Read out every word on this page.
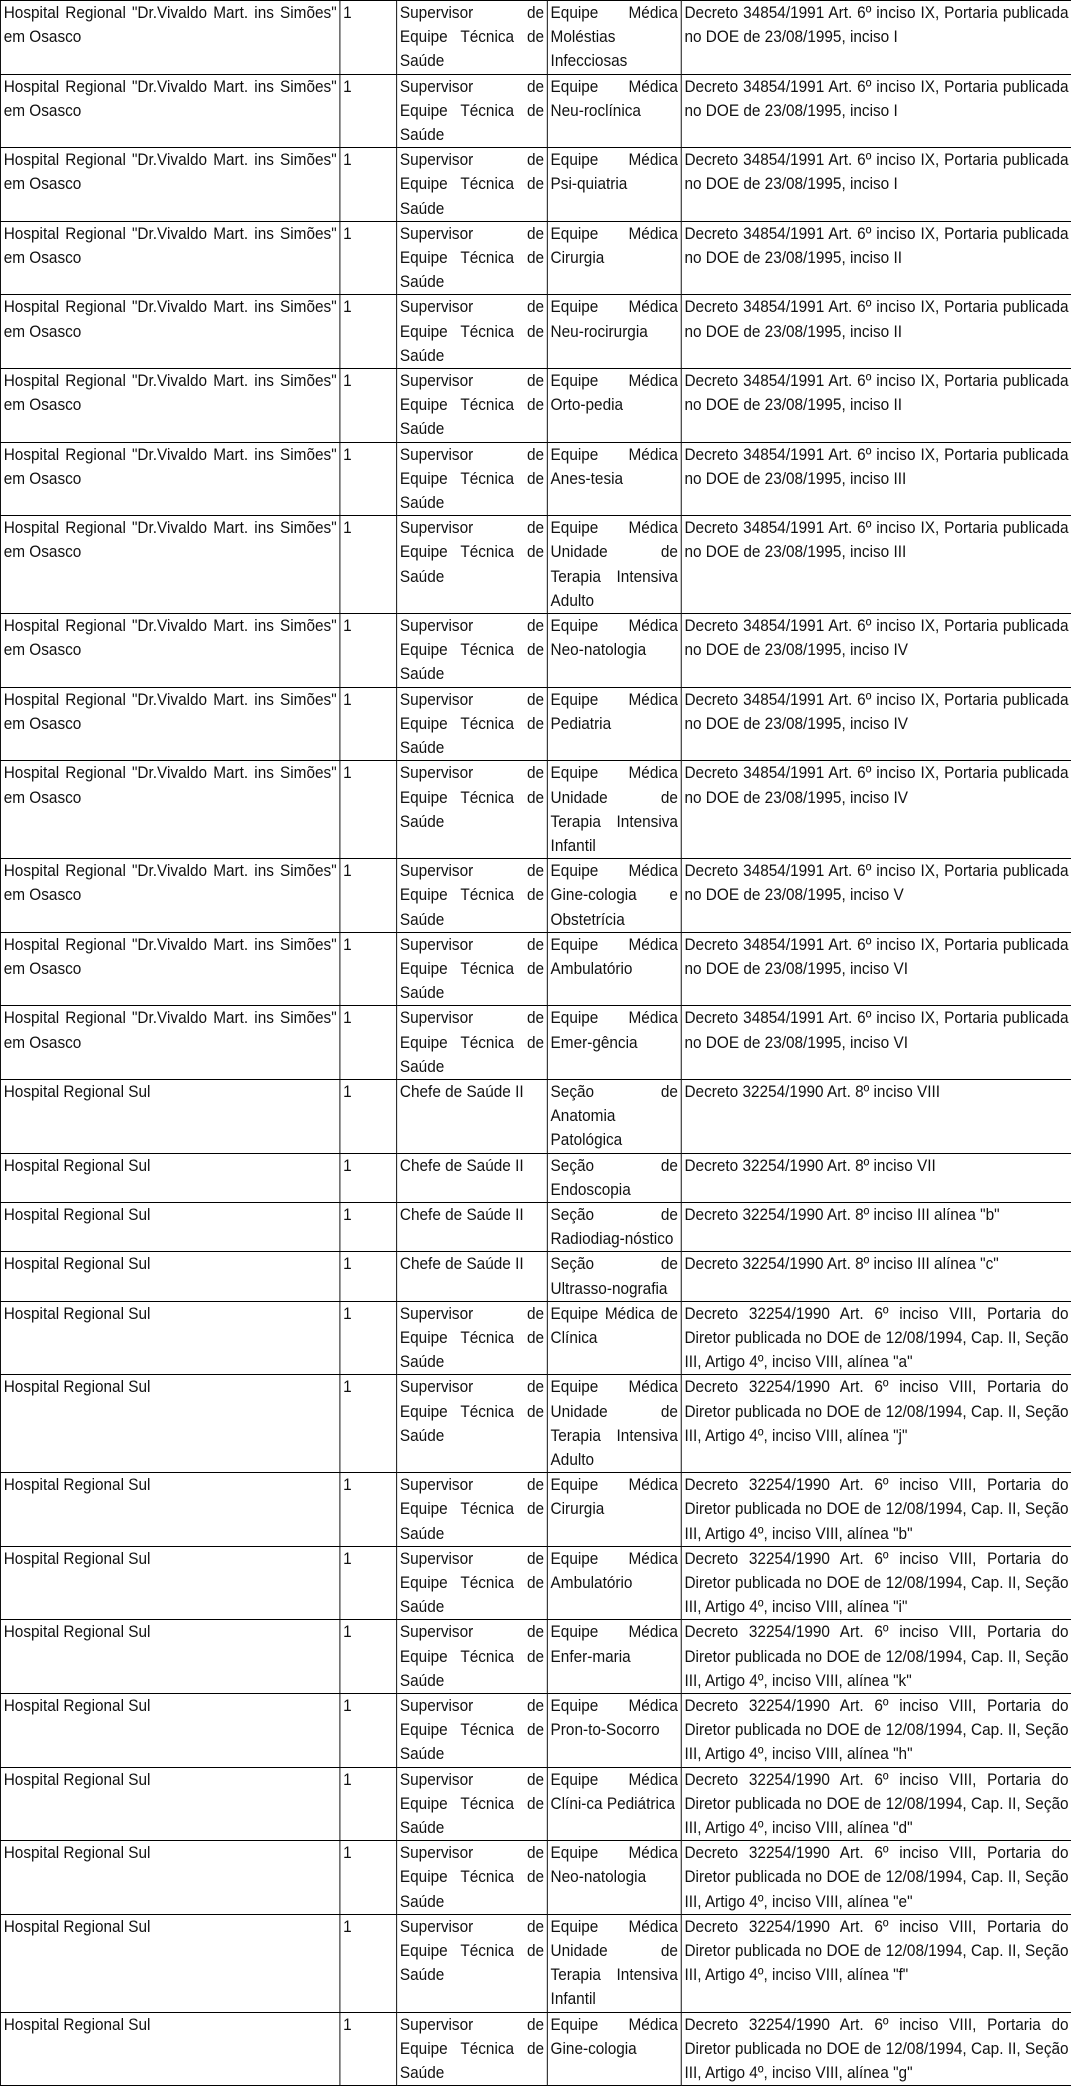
Hospital Regional "Dr.Vivaldo Mart. ins Simões" em Osasco	1	Supervisor de Equipe Técnica de Saúde	Equipe Médica Moléstias Infecciosas	Decreto 34854/1991 Art. 6º inciso IX, Portaria publicada no DOE de 23/08/1995, inciso I
Hospital Regional "Dr.Vivaldo Mart. ins Simões" em Osasco	1	Supervisor de Equipe Técnica de Saúde	Equipe Médica Neu-roclínica	Decreto 34854/1991 Art. 6º inciso IX, Portaria publicada no DOE de 23/08/1995, inciso I
Hospital Regional "Dr.Vivaldo Mart. ins Simões" em Osasco	1	Supervisor de Equipe Técnica de Saúde	Equipe Médica Psi-quiatria	Decreto 34854/1991 Art. 6º inciso IX, Portaria publicada no DOE de 23/08/1995, inciso I
Hospital Regional "Dr.Vivaldo Mart. ins Simões" em Osasco	1	Supervisor de Equipe Técnica de Saúde	Equipe Médica Cirurgia	Decreto 34854/1991 Art. 6º inciso IX, Portaria publicada no DOE de 23/08/1995, inciso II
Hospital Regional "Dr.Vivaldo Mart. ins Simões" em Osasco	1	Supervisor de Equipe Técnica de Saúde	Equipe Médica Neu-rocirurgia	Decreto 34854/1991 Art. 6º inciso IX, Portaria publicada no DOE de 23/08/1995, inciso II
Hospital Regional "Dr.Vivaldo Mart. ins Simões" em Osasco	1	Supervisor de Equipe Técnica de Saúde	Equipe Médica Orto-pedia	Decreto 34854/1991 Art. 6º inciso IX, Portaria publicada no DOE de 23/08/1995, inciso II
Hospital Regional "Dr.Vivaldo Mart. ins Simões" em Osasco	1	Supervisor de Equipe Técnica de Saúde	Equipe Médica Anes-tesia	Decreto 34854/1991 Art. 6º inciso IX, Portaria publicada no DOE de 23/08/1995, inciso III
Hospital Regional "Dr.Vivaldo Mart. ins Simões" em Osasco	1	Supervisor de Equipe Técnica de Saúde	Equipe Médica Unidade de Terapia Intensiva Adulto	Decreto 34854/1991 Art. 6º inciso IX, Portaria publicada no DOE de 23/08/1995, inciso III
Hospital Regional "Dr.Vivaldo Mart. ins Simões" em Osasco	1	Supervisor de Equipe Técnica de Saúde	Equipe Médica Neo-natologia	Decreto 34854/1991 Art. 6º inciso IX, Portaria publicada no DOE de 23/08/1995, inciso IV
Hospital Regional "Dr.Vivaldo Mart. ins Simões" em Osasco	1	Supervisor de Equipe Técnica de Saúde	Equipe Médica Pediatria	Decreto 34854/1991 Art. 6º inciso IX, Portaria publicada no DOE de 23/08/1995, inciso IV
Hospital Regional "Dr.Vivaldo Mart. ins Simões" em Osasco	1	Supervisor de Equipe Técnica de Saúde	Equipe Médica Unidade de Terapia Intensiva Infantil	Decreto 34854/1991 Art. 6º inciso IX, Portaria publicada no DOE de 23/08/1995, inciso IV
Hospital Regional "Dr.Vivaldo Mart. ins Simões" em Osasco	1	Supervisor de Equipe Técnica de Saúde	Equipe Médica Gine-cologia e Obstetrícia	Decreto 34854/1991 Art. 6º inciso IX, Portaria publicada no DOE de 23/08/1995, inciso V
Hospital Regional "Dr.Vivaldo Mart. ins Simões" em Osasco	1	Supervisor de Equipe Técnica de Saúde	Equipe Médica Ambulatório	Decreto 34854/1991 Art. 6º inciso IX, Portaria publicada no DOE de 23/08/1995, inciso VI
Hospital Regional "Dr.Vivaldo Mart. ins Simões" em Osasco	1	Supervisor de Equipe Técnica de Saúde	Equipe Médica Emer-gência	Decreto 34854/1991 Art. 6º inciso IX, Portaria publicada no DOE de 23/08/1995, inciso VI
Hospital Regional Sul	1	Chefe de Saúde II	Seção de Anatomia Patológica	Decreto 32254/1990 Art. 8º inciso VIII
Hospital Regional Sul	1	Chefe de Saúde II	Seção de Endoscopia	Decreto 32254/1990 Art. 8º inciso VII
Hospital Regional Sul	1	Chefe de Saúde II	Seção de Radiodiag-nóstico	Decreto 32254/1990 Art. 8º inciso III alínea "b"
Hospital Regional Sul	1	Chefe de Saúde II	Seção de Ultrasso-nografia	Decreto 32254/1990 Art. 8º inciso III alínea "c"
Hospital Regional Sul	1	Supervisor de Equipe Técnica de Saúde	Equipe Médica de Clínica	Decreto 32254/1990 Art. 6º inciso VIII, Portaria do Diretor publicada no DOE de 12/08/1994, Cap. II, Seção III, Artigo 4º, inciso VIII, alínea "a"
Hospital Regional Sul	1	Supervisor de Equipe Técnica de Saúde	Equipe Médica Unidade de Terapia Intensiva Adulto	Decreto 32254/1990 Art. 6º inciso VIII, Portaria do Diretor publicada no DOE de 12/08/1994, Cap. II, Seção III, Artigo 4º, inciso VIII, alínea "j"
Hospital Regional Sul	1	Supervisor de Equipe Técnica de Saúde	Equipe Médica Cirurgia	Decreto 32254/1990 Art. 6º inciso VIII, Portaria do Diretor publicada no DOE de 12/08/1994, Cap. II, Seção III, Artigo 4º, inciso VIII, alínea "b"
Hospital Regional Sul	1	Supervisor de Equipe Técnica de Saúde	Equipe Médica Ambulatório	Decreto 32254/1990 Art. 6º inciso VIII, Portaria do Diretor publicada no DOE de 12/08/1994, Cap. II, Seção III, Artigo 4º, inciso VIII, alínea "i"
Hospital Regional Sul	1	Supervisor de Equipe Técnica de Saúde	Equipe Médica Enfer-maria	Decreto 32254/1990 Art. 6º inciso VIII, Portaria do Diretor publicada no DOE de 12/08/1994, Cap. II, Seção III, Artigo 4º, inciso VIII, alínea "k"
Hospital Regional Sul	1	Supervisor de Equipe Técnica de Saúde	Equipe Médica Pron-to-Socorro	Decreto 32254/1990 Art. 6º inciso VIII, Portaria do Diretor publicada no DOE de 12/08/1994, Cap. II, Seção III, Artigo 4º, inciso VIII, alínea "h"
Hospital Regional Sul	1	Supervisor de Equipe Técnica de Saúde	Equipe Médica Clíni-ca Pediátrica	Decreto 32254/1990 Art. 6º inciso VIII, Portaria do Diretor publicada no DOE de 12/08/1994, Cap. II, Seção III, Artigo 4º, inciso VIII, alínea "d"
Hospital Regional Sul	1	Supervisor de Equipe Técnica de Saúde	Equipe Médica Neo-natologia	Decreto 32254/1990 Art. 6º inciso VIII, Portaria do Diretor publicada no DOE de 12/08/1994, Cap. II, Seção III, Artigo 4º, inciso VIII, alínea "e"
Hospital Regional Sul	1	Supervisor de Equipe Técnica de Saúde	Equipe Médica Unidade de Terapia Intensiva Infantil	Decreto 32254/1990 Art. 6º inciso VIII, Portaria do Diretor publicada no DOE de 12/08/1994, Cap. II, Seção III, Artigo 4º, inciso VIII, alínea "f"
Hospital Regional Sul	1	Supervisor de Equipe Técnica de Saúde	Equipe Médica Gine-cologia	Decreto 32254/1990 Art. 6º inciso VIII, Portaria do Diretor publicada no DOE de 12/08/1994, Cap. II, Seção III, Artigo 4º, inciso VIII, alínea "g"
